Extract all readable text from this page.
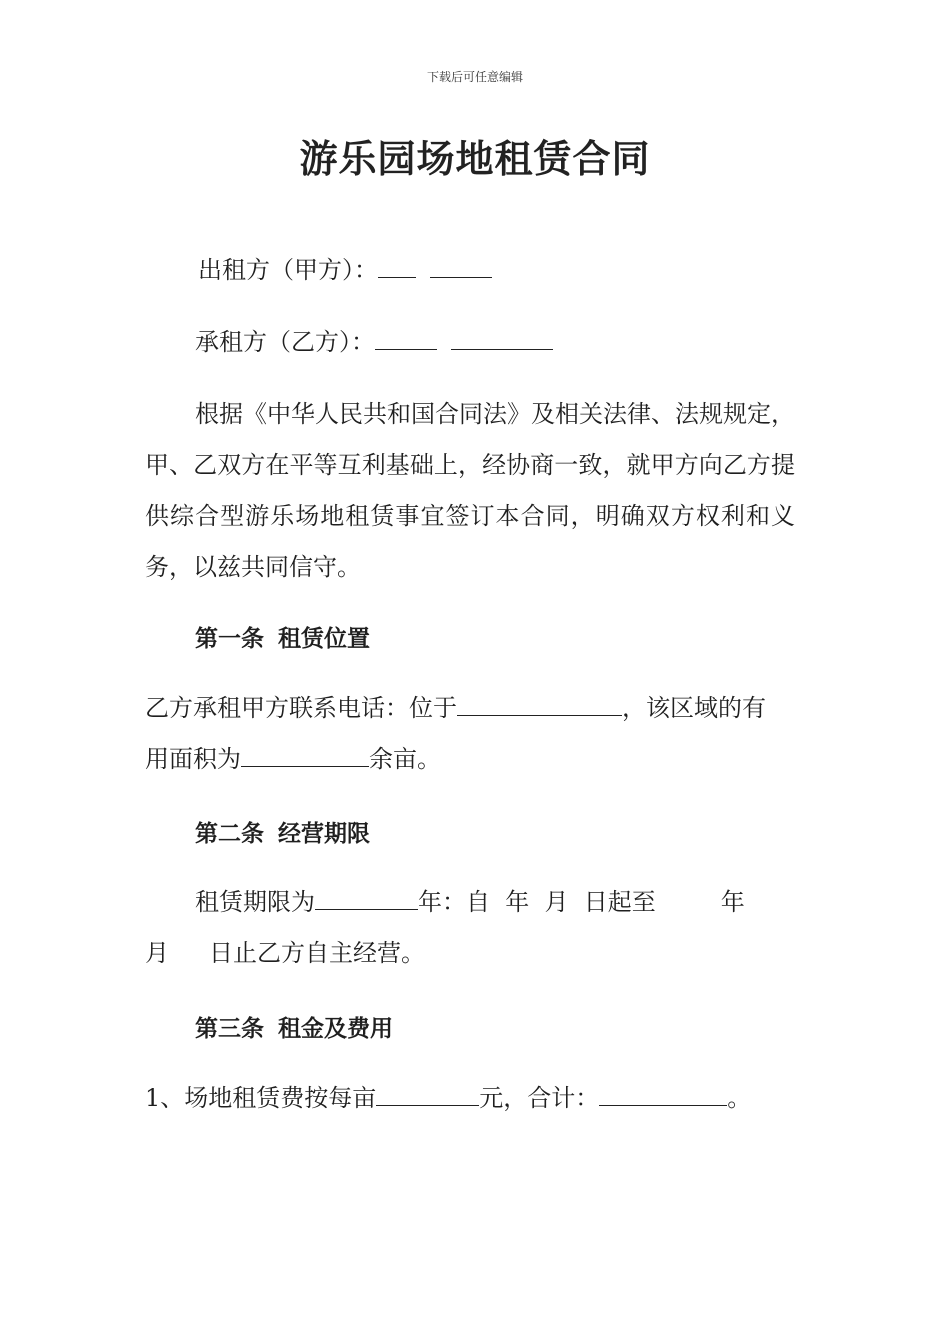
下载后可任意编辑
游乐园场地租赁合同
出租方（甲方）：
承租方（乙方）：
根据《中华人民共和国合同法》及相关法律、法规规定，甲、乙双方在平等互利基础上，经协商一致，就甲方向乙方提供综合型游乐场地租赁事宜签订本合同，明确双方权利和义务，以兹共同信守。
第一条 租赁位置
乙方承租甲方联系电话：位于	，该区域的有
用面积为	余亩。
第二条 经营期限
租赁期限为	年：自  年  月  日起至	年
月 日止乙方自主经营。
第三条 租金及费用
1、场地租赁费按每亩	元，合计：	。
